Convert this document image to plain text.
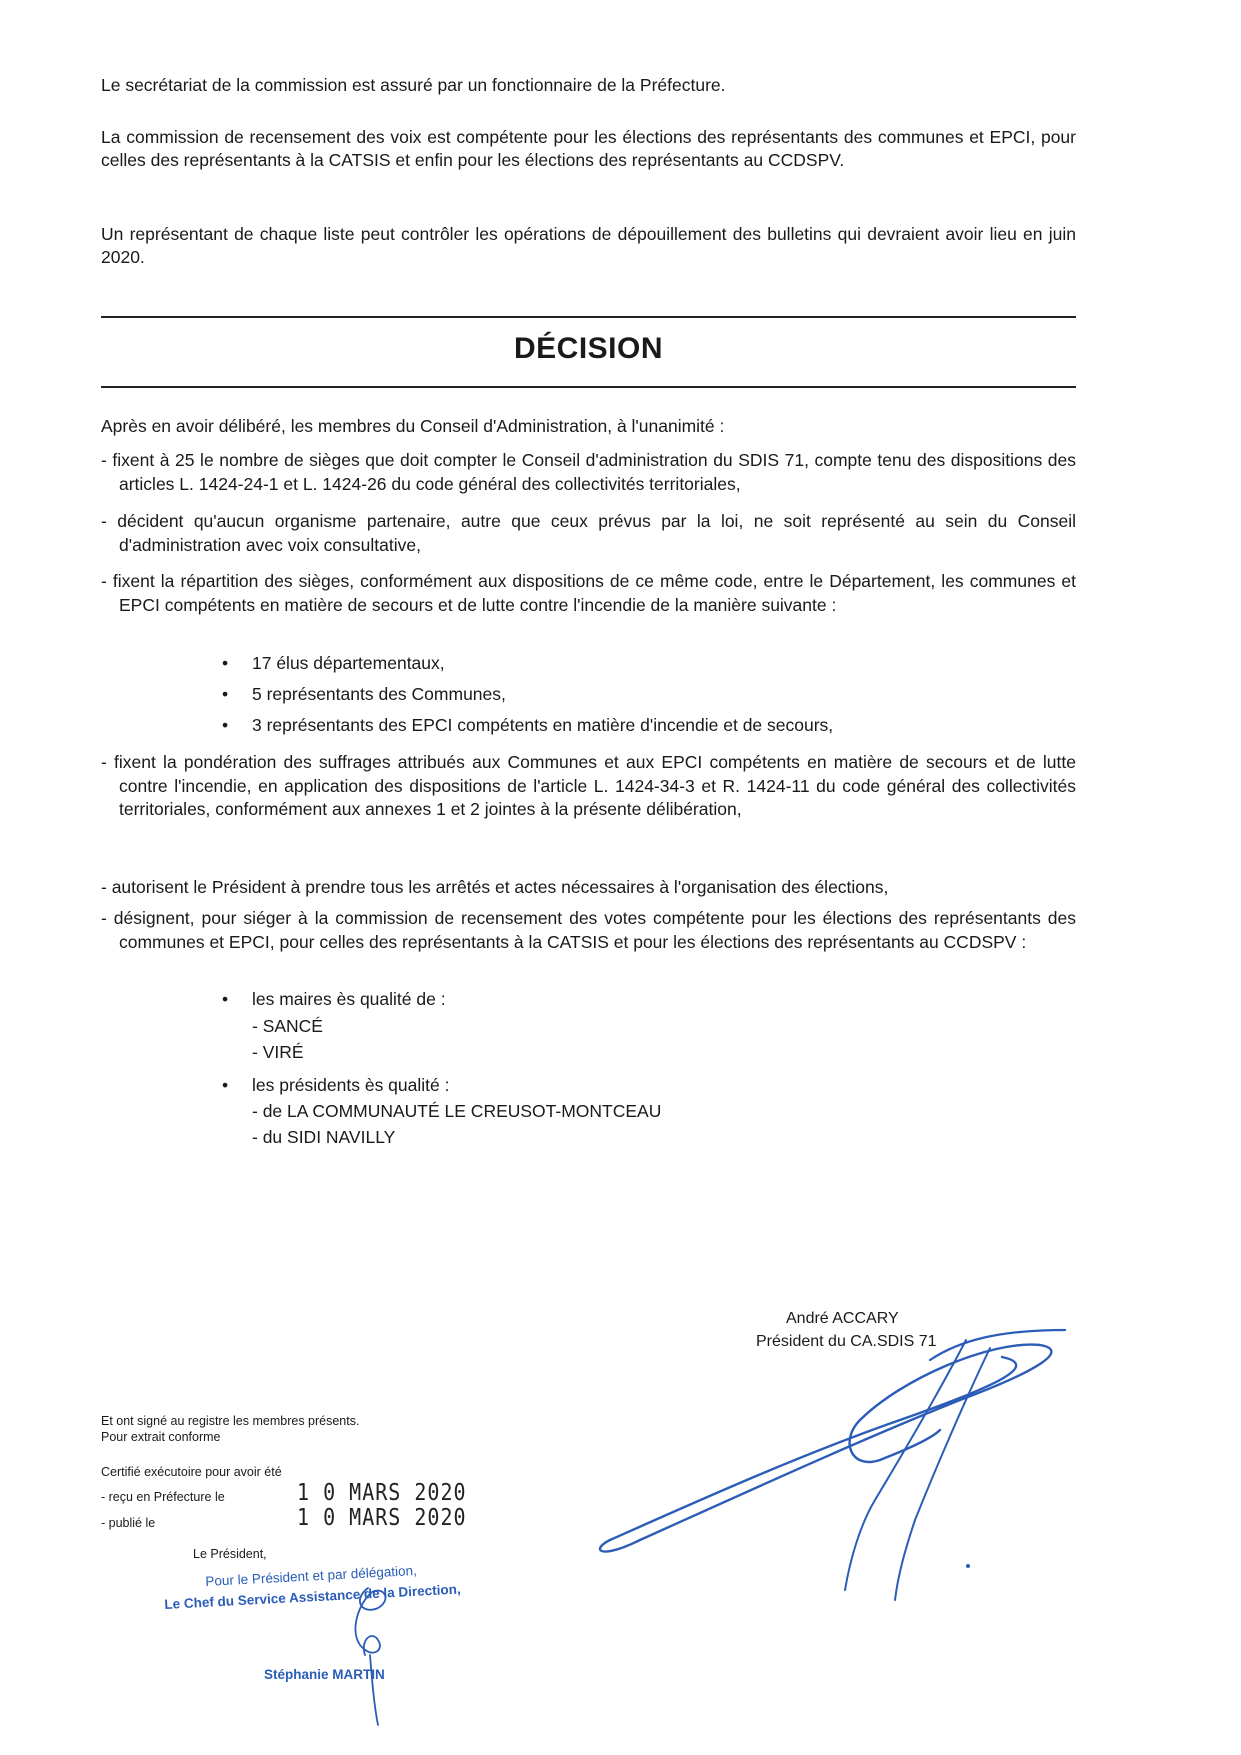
Le secrétariat de la commission est assuré par un fonctionnaire de la Préfecture.

La commission de recensement des voix est compétente pour les élections des représentants des communes et EPCI, pour celles des représentants à la CATSIS et enfin pour les élections des représentants au CCDSPV.

Un représentant de chaque liste peut contrôler les opérations de dépouillement des bulletins qui devraient avoir lieu en juin 2020.

DÉCISION

Après en avoir délibéré, les membres du Conseil d'Administration, à l'unanimité :

- fixent à 25 le nombre de sièges que doit compter le Conseil d'administration du SDIS 71, compte tenu des dispositions des articles L. 1424-24-1 et L. 1424-26 du code général des collectivités territoriales,

- décident qu'aucun organisme partenaire, autre que ceux prévus par la loi, ne soit représenté au sein du Conseil d'administration avec voix consultative,

- fixent la répartition des sièges, conformément aux dispositions de ce même code, entre le Département, les communes et EPCI compétents en matière de secours et de lutte contre l'incendie de la manière suivante :

• 17 élus départementaux,
• 5 représentants des Communes,
• 3 représentants des EPCI compétents en matière d'incendie et de secours,

- fixent la pondération des suffrages attribués aux Communes et aux EPCI compétents en matière de secours et de lutte contre l'incendie, en application des dispositions de l'article L. 1424-34-3 et R. 1424-11 du code général des collectivités territoriales, conformément aux annexes 1 et 2 jointes à la présente délibération,

- autorisent le Président à prendre tous les arrêtés et actes nécessaires à l'organisation des élections,

- désignent, pour siéger à la commission de recensement des votes compétente pour les élections des représentants des communes et EPCI, pour celles des représentants à la CATSIS et pour les élections des représentants au CCDSPV :

• les maires ès qualité de :
- SANCÉ
- VIRÉ
• les présidents ès qualité :
- de LA COMMUNAUTÉ LE CREUSOT-MONTCEAU
- du SIDI NAVILLY
André ACCARY
Président du CA.SDIS 71
Et ont signé au registre les membres présents.
Pour extrait conforme
Certifié exécutoire pour avoir été
- reçu en Préfecture le	1 0 MARS 2020
- publié le	1 0 MARS 2020
Le Président,
Pour le Président et par délégation,
Le Chef du Service Assistance de la Direction,
Stéphanie MARTIN
